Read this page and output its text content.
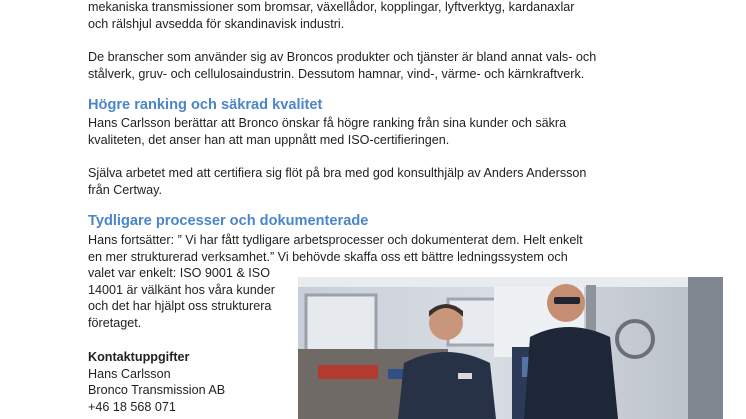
mekaniska transmissioner som bromsar, växellådor, kopplingar, lyftverktyg, kardanaxlar

och rälshjul avsedda för skandinavisk industri.

De branscher som använder sig av Broncos produkter och tjänster är bland annat vals- och

stålverk, gruv- och cellulosaindustrin. Dessutom hamnar, vind-, värme- och kärnkraftverk.

Högre ranking och säkrad kvalitet

Hans Carlsson berättar att Bronco önskar få högre ranking från sina kunder och säkra

kvaliteten, det anser han att man uppnått med ISO-certifieringen.

Själva arbetet med att certifiera sig flöt på bra med god konsulthjälp av Anders Andersson

från Certway.

Tydligare processer och dokumenterade

Hans fortsätter: ” Vi har fått tydligare arbetsprocesser och dokumenterat dem. Helt enkelt

en mer strukturerad verksamhet.” Vi behövde skaffa oss ett bättre ledningssystem och

valet var enkelt: ISO 9001 & ISO

14001 är välkänt hos våra kunder

och det har hjälpt oss strukturera

företaget.

Kontaktuppgifter

Hans Carlsson

Bronco Transmission AB

+46 18 568 071
